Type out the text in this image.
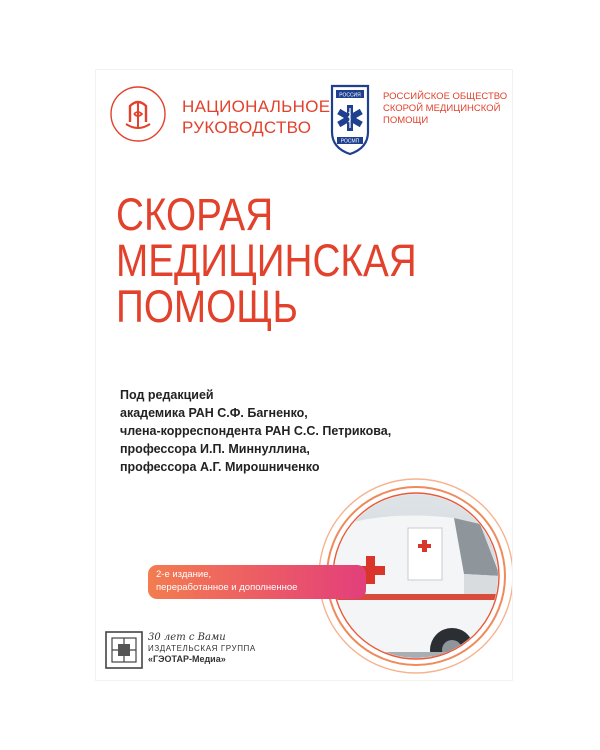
НАЦИОНАЛЬНОЕ
РУКОВОДСТВО
РОССИЯ
РОСМП
РОССИЙСКОЕ ОБЩЕСТВО
СКОРОЙ МЕДИЦИНСКОЙ
ПОМОЩИ
СКОРАЯ
МЕДИЦИНСКАЯ
ПОМОЩЬ
Под редакцией
академика РАН С.Ф. Багненко,
члена-корреспондента РАН С.С. Петрикова,
профессора И.П. Миннуллина,
профессора А.Г. Мирошниченко
2-е издание,
переработанное и дополненное
30 лет с Вами
ИЗДАТЕЛЬСКАЯ ГРУППА
«ГЭОТАР-Медиа»
